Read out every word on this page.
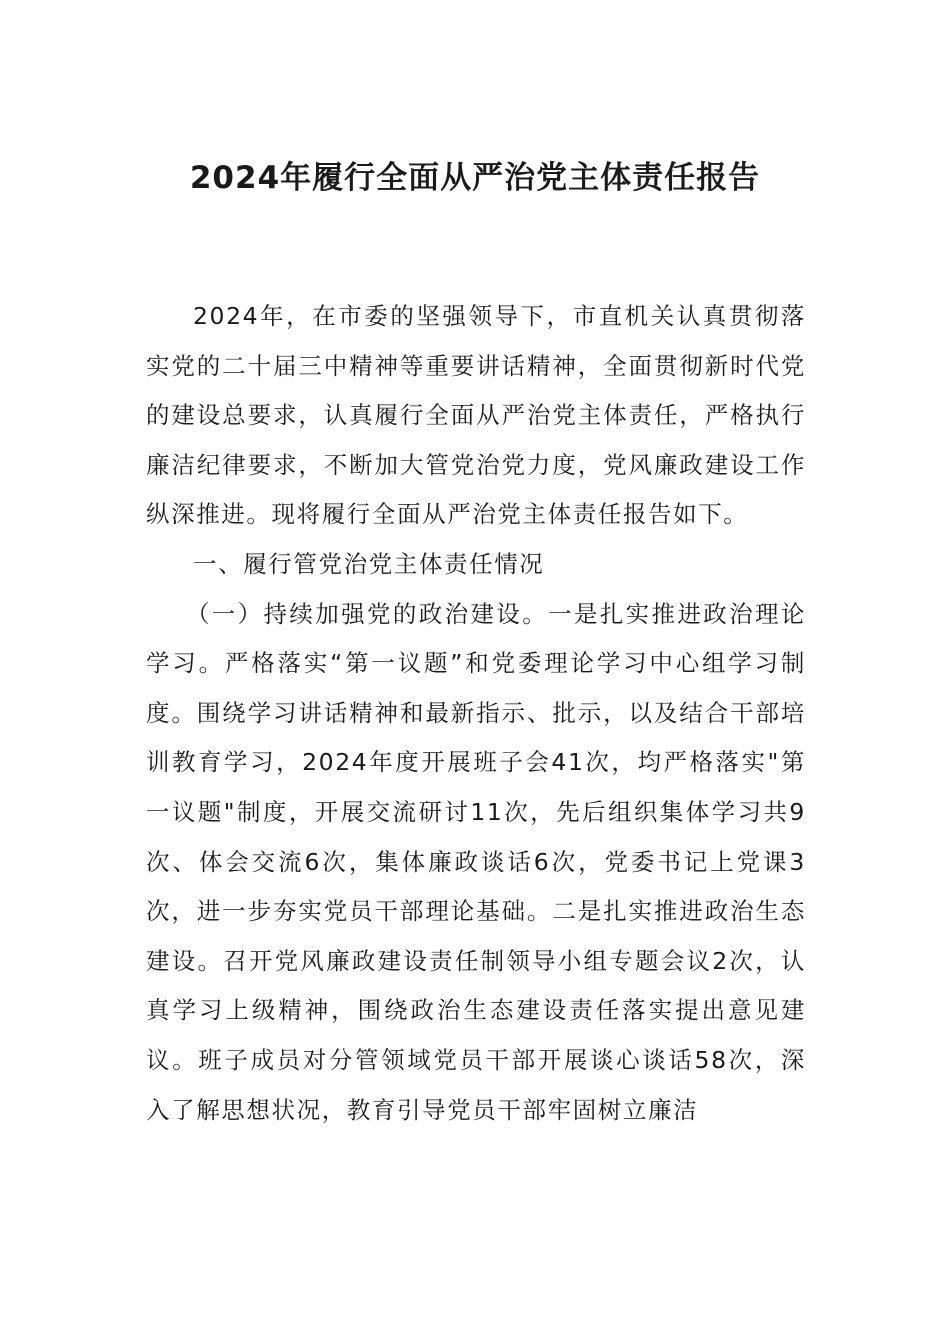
2024年履行全面从严治党主体责任报告

2024年，在市委的坚强领导下，市直机关认真贯彻落实党的二十届三中精神等重要讲话精神，全面贯彻新时代党的建设总要求，认真履行全面从严治党主体责任，严格执行廉洁纪律要求，不断加大管党治党力度，党风廉政建设工作纵深推进。现将履行全面从严治党主体责任报告如下。

一、履行管党治党主体责任情况

（一）持续加强党的政治建设。一是扎实推进政治理论学习。严格落实“第一议题”和党委理论学习中心组学习制度。围绕学习讲话精神和最新指示、批示，以及结合干部培训教育学习，2024年度开展班子会41次，均严格落实"第一议题"制度，开展交流研讨11次，先后组织集体学习共9次、体会交流6次，集体廉政谈话6次，党委书记上党课3次，进一步夯实党员干部理论基础。二是扎实推进政治生态建设。召开党风廉政建设责任制领导小组专题会议2次，认真学习上级精神，围绕政治生态建设责任落实提出意见建议。班子成员对分管领域党员干部开展谈心谈话58次，深入了解思想状况，教育引导党员干部牢固树立廉洁
